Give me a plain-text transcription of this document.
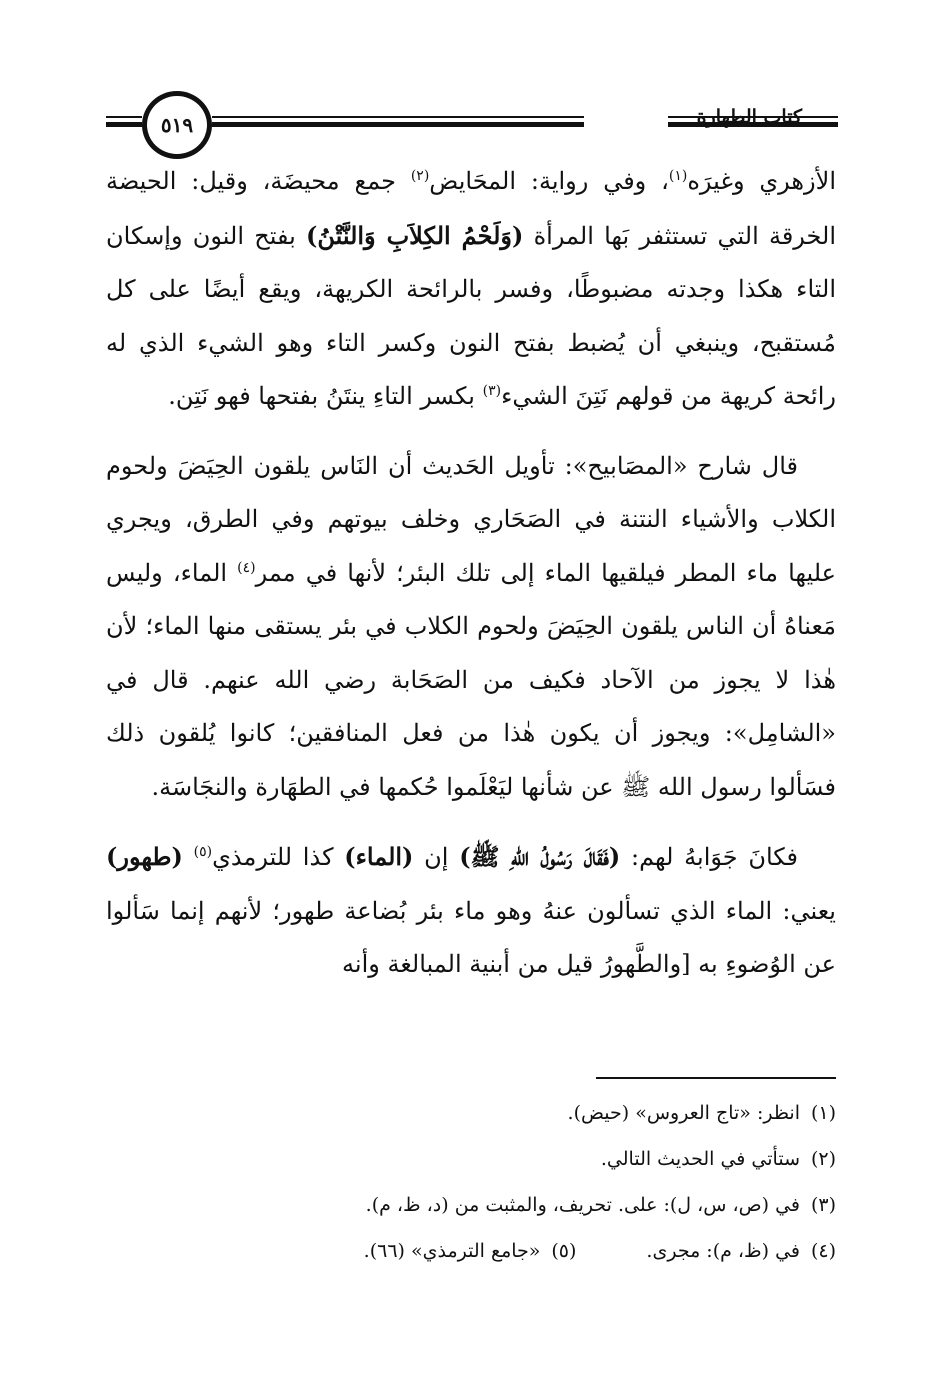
كتاب الطهارة
٥١٩

الأزهري وغيرَه$^{(١)}$، وفي رواية: المحَايض$^{(٢)}$ جمع محيضَة، وقيل: الحيضة الخرقة التي تستثفر بَها المرأة (وَلَحْمُ الكِلاَبِ وَالنَّتْنُ) بفتح النون وإسكان التاء هكذا وجدته مضبوطًا، وفسر بالرائحة الكريهة، ويقع أيضًا على كل مُستقبح، وينبغي أن يُضبط بفتح النون وكسر التاء وهو الشيء الذي له رائحة كريهة من قولهم نَتِنَ الشيء$^{(٣)}$ بكسر التاءِ ينتَنُ بفتحها فهو نَتِن.

قال شارح «المصَابيح»: تأويل الحَديث أن النَاس يلقون الحِيَضَ ولحوم الكلاب والأشياء النتنة في الصَحَاري وخلف بيوتهم وفي الطرق، ويجري عليها ماء المطر فيلقيها الماء إلى تلك البئر؛ لأنها في ممر$^{(٤)}$ الماء، وليس مَعناهُ أن الناس يلقون الحِيَضَ ولحوم الكلاب في بئر يستقى منها الماء؛ لأن هٰذا لا يجوز من الآحاد فكيف من الصَحَابة رضي الله عنهم. قال في «الشامِل»: ويجوز أن يكون هٰذا من فعل المنافقين؛ كانوا يُلقون ذلك فسَألوا رسول الله ﷺ عن شأنها ليَعْلَموا حُكمها في الطهَارة والنجَاسَة.

فكانَ جَوَابهُ لهم: (فَقَالَ رَسُولُ اللهِ ﷺ) إن (الماء) كذا للترمذي$^{(٥)}$ (طهور) يعني: الماء الذي تسألون عنهُ وهو ماء بئر بُضاعة طهور؛ لأنهم إنما سَألوا عن الوُضوءِ به [والطَّهورُ قيل من أبنية المبالغة وأنه

(١)انظر: «تاج العروس» (حيض).
(٢)ستأتي في الحديث التالي.
(٣)في (ص، س، ل): على. تحريف، والمثبت من (د، ظ، م).
(٤)في (ظ، م): مجرى.(٥)«جامع الترمذي» (٦٦).
